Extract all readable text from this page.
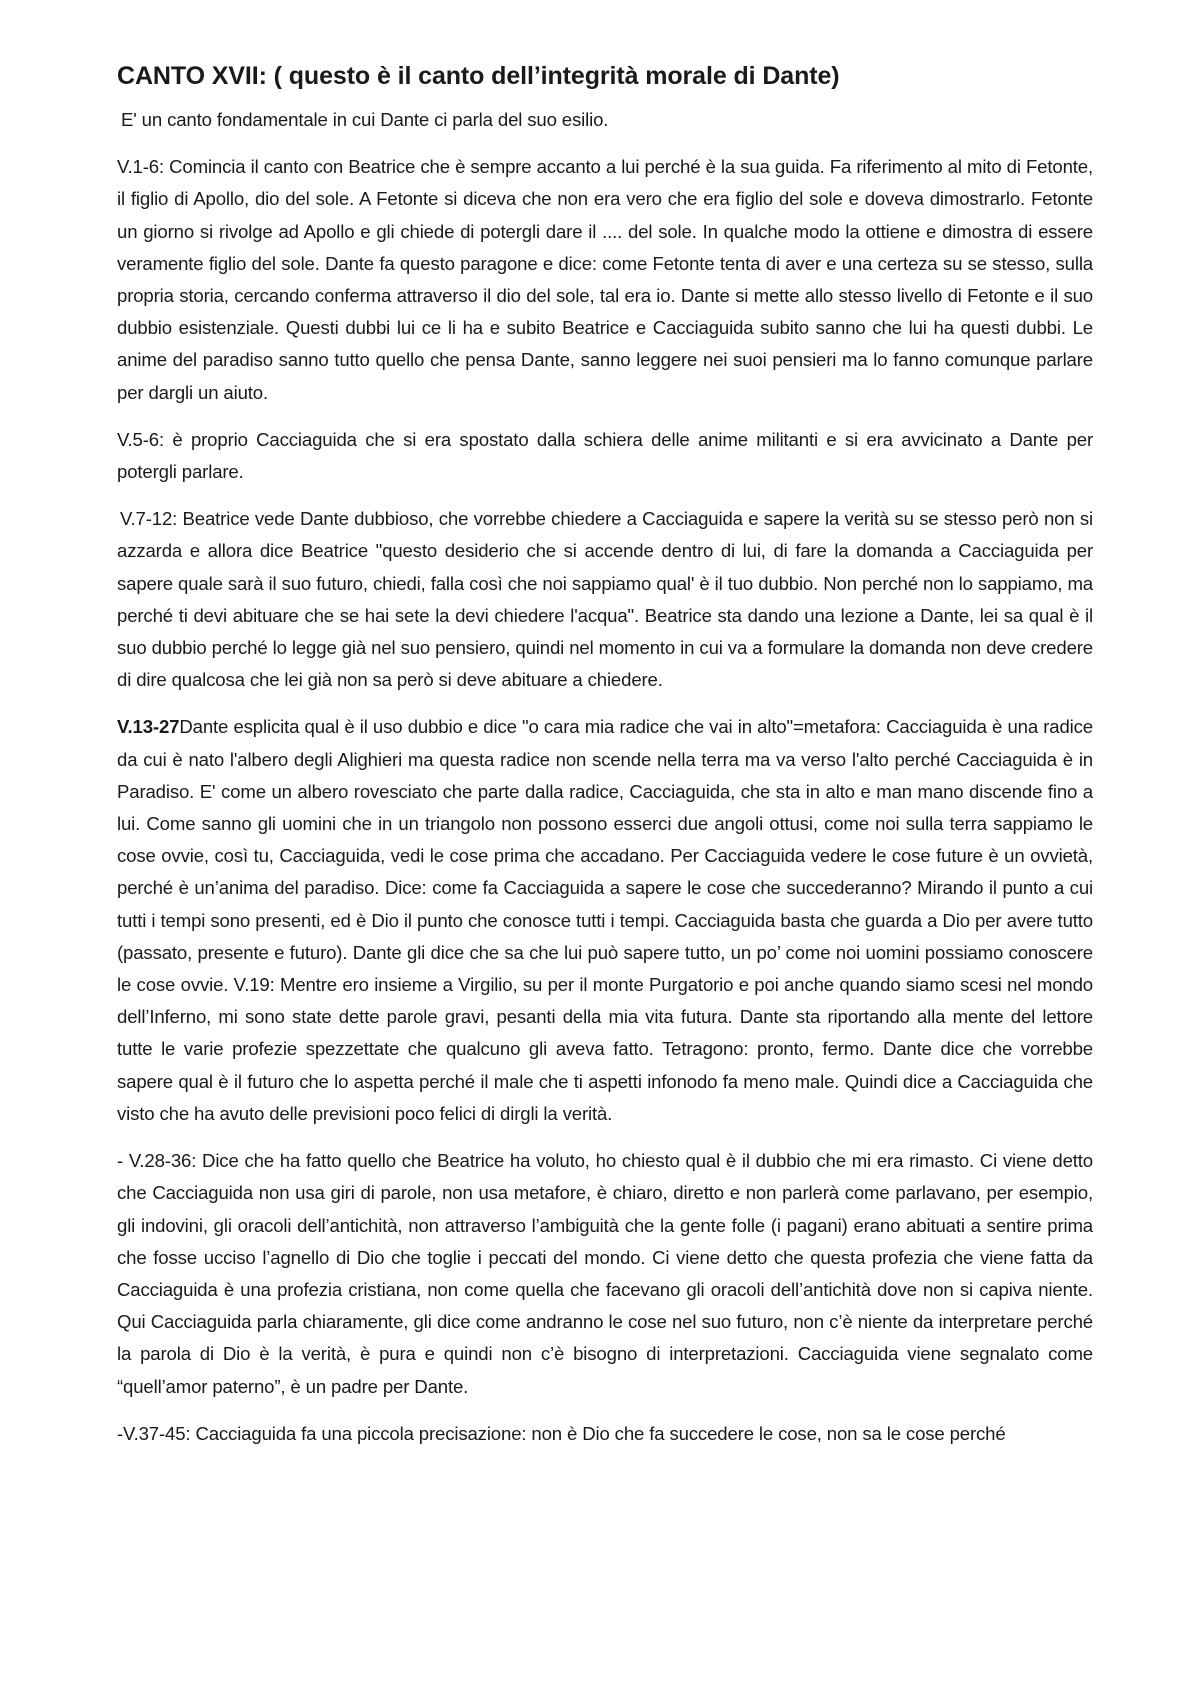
CANTO XVII: ( questo è il canto dell’integrità morale di Dante)

E' un canto fondamentale in cui Dante ci parla del suo esilio.

V.1-6: Comincia il canto con Beatrice che è sempre accanto a lui perché è la sua guida. Fa riferimento al mito di Fetonte, il figlio di Apollo, dio del sole. A Fetonte si diceva che non era vero che era figlio del sole e doveva dimostrarlo. Fetonte un giorno si rivolge ad Apollo e gli chiede di potergli dare il .... del sole. In qualche modo la ottiene e dimostra di essere veramente figlio del sole. Dante fa questo paragone e dice: come Fetonte tenta di aver e una certeza su se stesso, sulla propria storia, cercando conferma attraverso il dio del sole, tal era io. Dante si mette allo stesso livello di Fetonte e il suo dubbio esistenziale. Questi dubbi lui ce li ha e subito Beatrice e Cacciaguida subito sanno che lui ha questi dubbi. Le anime del paradiso sanno tutto quello che pensa Dante, sanno leggere nei suoi pensieri ma lo fanno comunque parlare per dargli un aiuto.

V.5-6: è proprio Cacciaguida che si era spostato dalla schiera delle anime militanti e si era avvicinato a Dante per potergli parlare.

V.7-12: Beatrice vede Dante dubbioso, che vorrebbe chiedere a Cacciaguida e sapere la verità su se stesso però non si azzarda e allora dice Beatrice "questo desiderio che si accende dentro di lui, di fare la domanda a Cacciaguida per sapere quale sarà il suo futuro, chiedi, falla così che noi sappiamo qual' è il tuo dubbio. Non perché non lo sappiamo, ma perché ti devi abituare che se hai sete la devi chiedere l'acqua". Beatrice sta dando una lezione a Dante, lei sa qual è il suo dubbio perché lo legge già nel suo pensiero, quindi nel momento in cui va a formulare la domanda non deve credere di dire qualcosa che lei già non sa però si deve abituare a chiedere.

V.13-27Dante esplicita qual è il uso dubbio e dice "o cara mia radice che vai in alto"=metafora: Cacciaguida è una radice da cui è nato l'albero degli Alighieri ma questa radice non scende nella terra ma va verso l'alto perché Cacciaguida è in Paradiso. E' come un albero rovesciato che parte dalla radice, Cacciaguida, che sta in alto e man mano discende fino a lui. Come sanno gli uomini che in un triangolo non possono esserci due angoli ottusi, come noi sulla terra sappiamo le cose ovvie, così tu, Cacciaguida, vedi le cose prima che accadano. Per Cacciaguida vedere le cose future è un ovvietà, perché è un’anima del paradiso. Dice: come fa Cacciaguida a sapere le cose che succederanno? Mirando il punto a cui tutti i tempi sono presenti, ed è Dio il punto che conosce tutti i tempi. Cacciaguida basta che guarda a Dio per avere tutto (passato, presente e futuro). Dante gli dice che sa che lui può sapere tutto, un po’ come noi uomini possiamo conoscere le cose ovvie. V.19: Mentre ero insieme a Virgilio, su per il monte Purgatorio e poi anche quando siamo scesi nel mondo dell’Inferno, mi sono state dette parole gravi, pesanti della mia vita futura. Dante sta riportando alla mente del lettore tutte le varie profezie spezzettate che qualcuno gli aveva fatto. Tetragono: pronto, fermo. Dante dice che vorrebbe sapere qual è il futuro che lo aspetta perché il male che ti aspetti infonodo fa meno male. Quindi dice a Cacciaguida che visto che ha avuto delle previsioni poco felici di dirgli la verità.

- V.28-36: Dice che ha fatto quello che Beatrice ha voluto, ho chiesto qual è il dubbio che mi era rimasto. Ci viene detto che Cacciaguida non usa giri di parole, non usa metafore, è chiaro, diretto e non parlerà come parlavano, per esempio, gli indovini, gli oracoli dell’antichità, non attraverso l’ambiguità che la gente folle (i pagani) erano abituati a sentire prima che fosse ucciso l’agnello di Dio che toglie i peccati del mondo. Ci viene detto che questa profezia che viene fatta da Cacciaguida è una profezia cristiana, non come quella che facevano gli oracoli dell’antichità dove non si capiva niente. Qui Cacciaguida parla chiaramente, gli dice come andranno le cose nel suo futuro, non c’è niente da interpretare perché la parola di Dio è la verità, è pura e quindi non c’è bisogno di interpretazioni. Cacciaguida viene segnalato come “quell’amor paterno”, è un padre per Dante.

-V.37-45: Cacciaguida fa una piccola precisazione: non è Dio che fa succedere le cose, non sa le cose perché
